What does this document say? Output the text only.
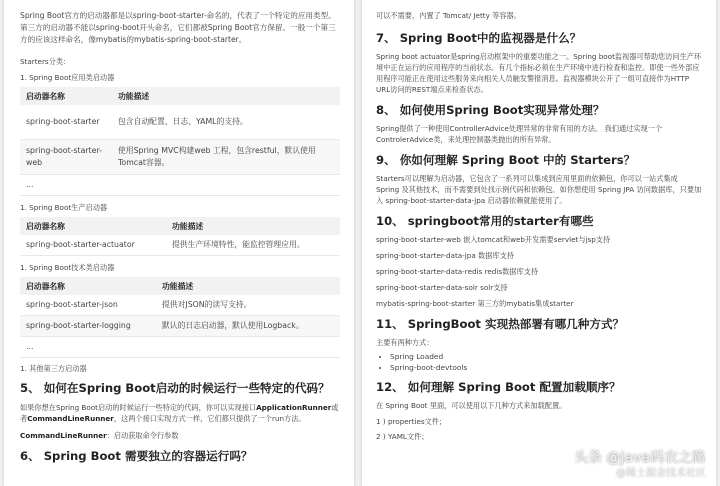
Spring Boot官方的启动器都是以spring-boot-starter-命名的，代表了一个特定的应用类型。第三方的启动器不能以spring-boot开头命名，它们都被Spring Boot官方保留。一般一个第三方的应该这样命名，像mybatis的mybatis-spring-boot-starter。

Starters分类：

1. Spring Boot应用类启动器

启动器名称	功能描述
spring-boot-starter	包含自动配置、日志、YAML的支持。
spring-boot-starter-web	使用Spring MVC构建web 工程，包含restful，默认使用Tomcat容器。
...	

1. Spring Boot生产启动器

启动器名称	功能描述
spring-boot-starter-actuator	提供生产环境特性，能监控管理应用。

1. Spring Boot技术类启动器

启动器名称	功能描述
spring-boot-starter-json	提供对JSON的读写支持。
spring-boot-starter-logging	默认的日志启动器，默认使用Logback。
...	

1. 其他第三方启动器

5、 如何在Spring Boot启动的时候运行一些特定的代码？

如果你想在Spring Boot启动的时候运行一些特定的代码，你可以实现接口ApplicationRunner或者CommandLineRunner，这两个接口实现方式一样，它们都只提供了一个run方法。

CommandLineRunner：启动获取命令行参数

6、 Spring Boot 需要独立的容器运行吗？

可以不需要，内置了 Tomcat/ Jetty 等容器。

7、 Spring Boot中的监视器是什么？

Spring boot actuator是spring启动框架中的重要功能之一。Spring boot监视器可帮助您访问生产环境中正在运行的应用程序的当前状态。有几个指标必须在生产环境中进行检查和监控。即使一些外部应用程序可能正在使用这些服务来向相关人员触发警报消息。监视器模块公开了一组可直接作为HTTP URL访问的REST端点来检查状态。

8、 如何使用Spring Boot实现异常处理？

Spring提供了一种使用ControllerAdvice处理异常的非常有用的方法。 我们通过实现一个ControlerAdvice类，来处理控制器类抛出的所有异常。

9、 你如何理解 Spring Boot 中的 Starters？

Starters可以理解为启动器，它包含了一系列可以集成到应用里面的依赖包，你可以一站式集成 Spring 及其他技术，而不需要到处找示例代码和依赖包。如你想使用 Spring JPA 访问数据库，只要加入 spring-boot-starter-data-jpa 启动器依赖就能使用了。

10、 springboot常用的starter有哪些

spring-boot-starter-web 嵌入tomcat和web开发需要servlet与jsp支持

spring-boot-starter-data-jpa 数据库支持

spring-boot-starter-data-redis redis数据库支持

spring-boot-starter-data-solr solr支持

mybatis-spring-boot-starter 第三方的mybatis集成starter

11、 SpringBoot 实现热部署有哪几种方式？

主要有两种方式：

• Spring Loaded
• Spring-boot-devtools
12、 如何理解 Spring Boot 配置加载顺序？

在 Spring Boot 里面，可以使用以下几种方式来加载配置。

1 ) properties文件；

2 ) YAML文件；

头条 @Java码农之路
@稀土掘金技术社区
